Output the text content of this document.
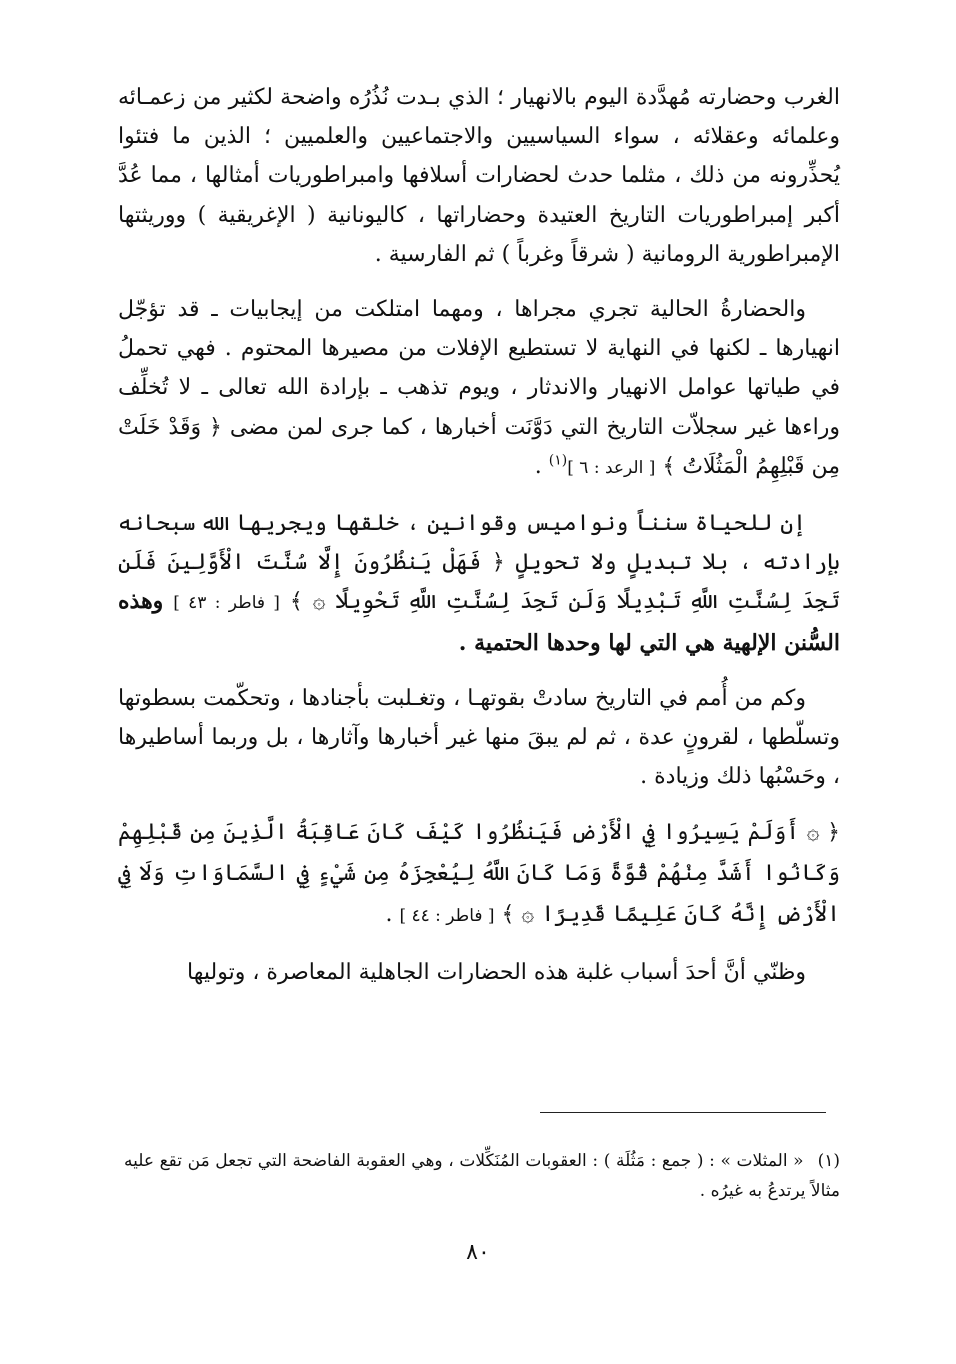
الغرب وحضارته مُهدَّدة اليوم بالانهيار ؛ الذي بـدت نُذُرُه واضحة لكثير من زعمـائه وعلمائه وعقلائه ، سواء السياسيين والاجتماعيين والعلميين ؛ الذين ما فتئوا يُحذِّرونه من ذلك ، مثلما حدث لحضارات أسلافها وامبراطوريات أمثالها ، مما عُدَّ أكبر إمبراطوريات التاريخ العتيدة وحضاراتها ، كاليونانية ( الإغريقية ) ووريثتها الإمبراطورية الرومانية ( شرقاً وغرباً ) ثم الفارسية .

والحضارةُ الحالية تجري مجراها ، ومهما امتلكت من إيجابيات ـ قد تؤجّل انهيارها ـ لكنها في النهاية لا تستطيع الإفلات من مصيرها المحتوم . فهي تحملُ في طياتها عوامل الانهيار والاندثار ، ويوم تذهب ـ بإرادة الله تعالى ـ لا تُخلِّف وراءها غير سجلاّت التاريخ التي دَوَّنَت أخبارها ، كما جرى لمن مضى ﴿ وَقَدْ خَلَتْ مِن قَبْلِهِمُ الْمَثُلَاتُ ﴾ [ الرعد : ٦ ]$^{(١)}$ .

إن للحياة سنناً ونواميس وقوانين ، خلقها ويجريها الله سبحانه بإرادته ، بلا تبديلٍ ولا تحويلٍ ﴿ فَهَلْ يَنظُرُونَ إِلَّا سُنَّتَ الْأَوَّلِينَ فَلَن تَجِدَ لِسُنَّتِ اللَّهِ تَبْدِيلًا وَلَن تَجِدَ لِسُنَّتِ اللَّهِ تَحْوِيلًا ۞ ﴾ [ فاطر : ٤٣ ] وهذه السُّنن الإلهية هي التي لها وحدها الحتمية .

وكم من أُمم في التاريخ سادتْ بقوتهـا ، وتغـلبت بأجنادها ، وتحكّمت بسطوتها وتسلّطها ، لقرونٍ عدة ، ثم لم يبقَ منها غير أخبارها وآثارها ، بل وربما أساطيرها ، وحَسْبُها ذلك وزيادة .

﴿ ۞ أَوَلَمْ يَسِيرُوا فِي الْأَرْضِ فَيَنظُرُوا كَيْفَ كَانَ عَاقِبَةُ الَّذِينَ مِن قَبْلِهِمْ وَكَانُوا أَشَدَّ مِنْهُمْ قُوَّةً وَمَا كَانَ اللَّهُ لِيُعْجِزَهُ مِن شَيْءٍ فِي السَّمَاوَاتِ وَلَا فِي الْأَرْضِ إِنَّهُ كَانَ عَلِيمًا قَدِيرًا ۞ ﴾ [ فاطر : ٤٤ ] .

وظنّي أنَّ أحدَ أسباب غلبة هذه الحضارات الجاهلية المعاصرة ، وتوليها

(١)« المثلات » : ( جمع : مَثُلَة ) : العقوبات المُنَكِّلات ، وهي العقوبة الفاضحة التي تجعل مَن تقع عليه مثالاً يرتدعُ به غيرُه .
٨٠
